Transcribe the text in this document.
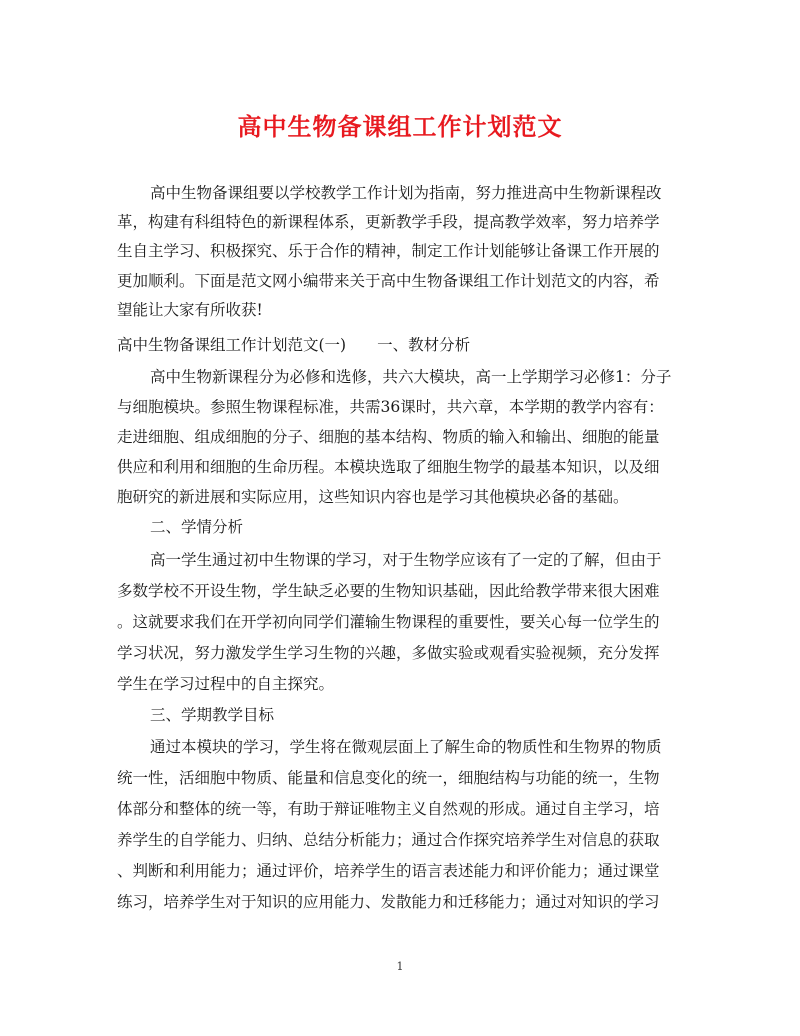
高中生物备课组工作计划范文
高中生物备课组要以学校教学工作计划为指南，努力推进高中生物新课程改
革，构建有科组特色的新课程体系，更新教学手段，提高教学效率，努力培养学
生自主学习、积极探究、乐于合作的精神，制定工作计划能够让备课工作开展的
更加顺利。下面是范文网小编带来关于高中生物备课组工作计划范文的内容，希
望能让大家有所收获!
高中生物备课组工作计划范文(一)　　一、教材分析
高中生物新课程分为必修和选修，共六大模块，高一上学期学习必修1：分子
与细胞模块。参照生物课程标准，共需36课时，共六章，本学期的教学内容有：
走进细胞、组成细胞的分子、细胞的基本结构、物质的输入和输出、细胞的能量
供应和利用和细胞的生命历程。本模块选取了细胞生物学的最基本知识，以及细
胞研究的新进展和实际应用，这些知识内容也是学习其他模块必备的基础。
二、学情分析
高一学生通过初中生物课的学习，对于生物学应该有了一定的了解，但由于
多数学校不开设生物，学生缺乏必要的生物知识基础，因此给教学带来很大困难
。这就要求我们在开学初向同学们灌输生物课程的重要性，要关心每一位学生的
学习状况，努力激发学生学习生物的兴趣，多做实验或观看实验视频，充分发挥
学生在学习过程中的自主探究。
三、学期教学目标
通过本模块的学习，学生将在微观层面上了解生命的物质性和生物界的物质
统一性，活细胞中物质、能量和信息变化的统一，细胞结构与功能的统一，生物
体部分和整体的统一等，有助于辩证唯物主义自然观的形成。通过自主学习，培
养学生的自学能力、归纳、总结分析能力；通过合作探究培养学生对信息的获取
、判断和利用能力；通过评价，培养学生的语言表述能力和评价能力；通过课堂
练习，培养学生对于知识的应用能力、发散能力和迁移能力；通过对知识的学习
1
